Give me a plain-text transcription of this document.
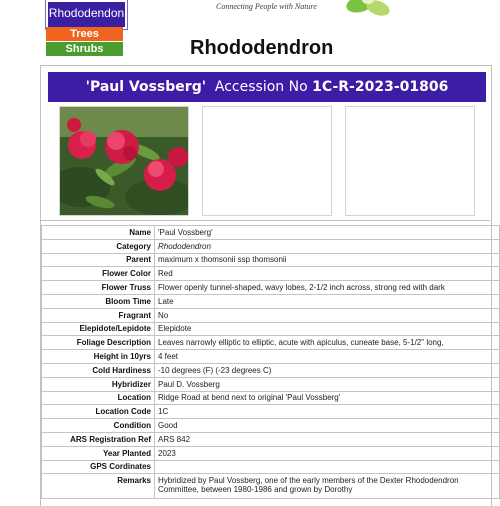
Rhododendon
Trees
Shrubs
Connecting People with Nature
Rhododendron
'Paul Vossberg' Accession No 1C-R-2023-01806
Name	'Paul Vossberg'
Category	Rhododendron
Parent	maximum x thomsonii ssp thomsonii
Flower Color	Red
Flower Truss	Flower openly tunnel-shaped, wavy lobes, 2-1/2 inch across, strong red with dark
Bloom Time	Late
Fragrant	No
Elepidote/Lepidote	Elepidote
Foliage Description	Leaves narrowly elliptic to elliptic, acute with apiculus, cuneate base, 5-1/2" long,
Height in 10yrs	4 feet
Cold Hardiness	-10 degrees (F) (-23 degrees C)
Hybridizer	Paul D. Vossberg
Location	Ridge Road at bend next to original 'Paul Vossberg'
Location Code	1C
Condition	Good
ARS Registration Ref	ARS 842
Year Planted	2023
GPS Cordinates	
Remarks	Hybridized by Paul Vossberg, one of the early members of the Dexter Rhododendron Committee, between 1980-1986 and grown by Dorothy
